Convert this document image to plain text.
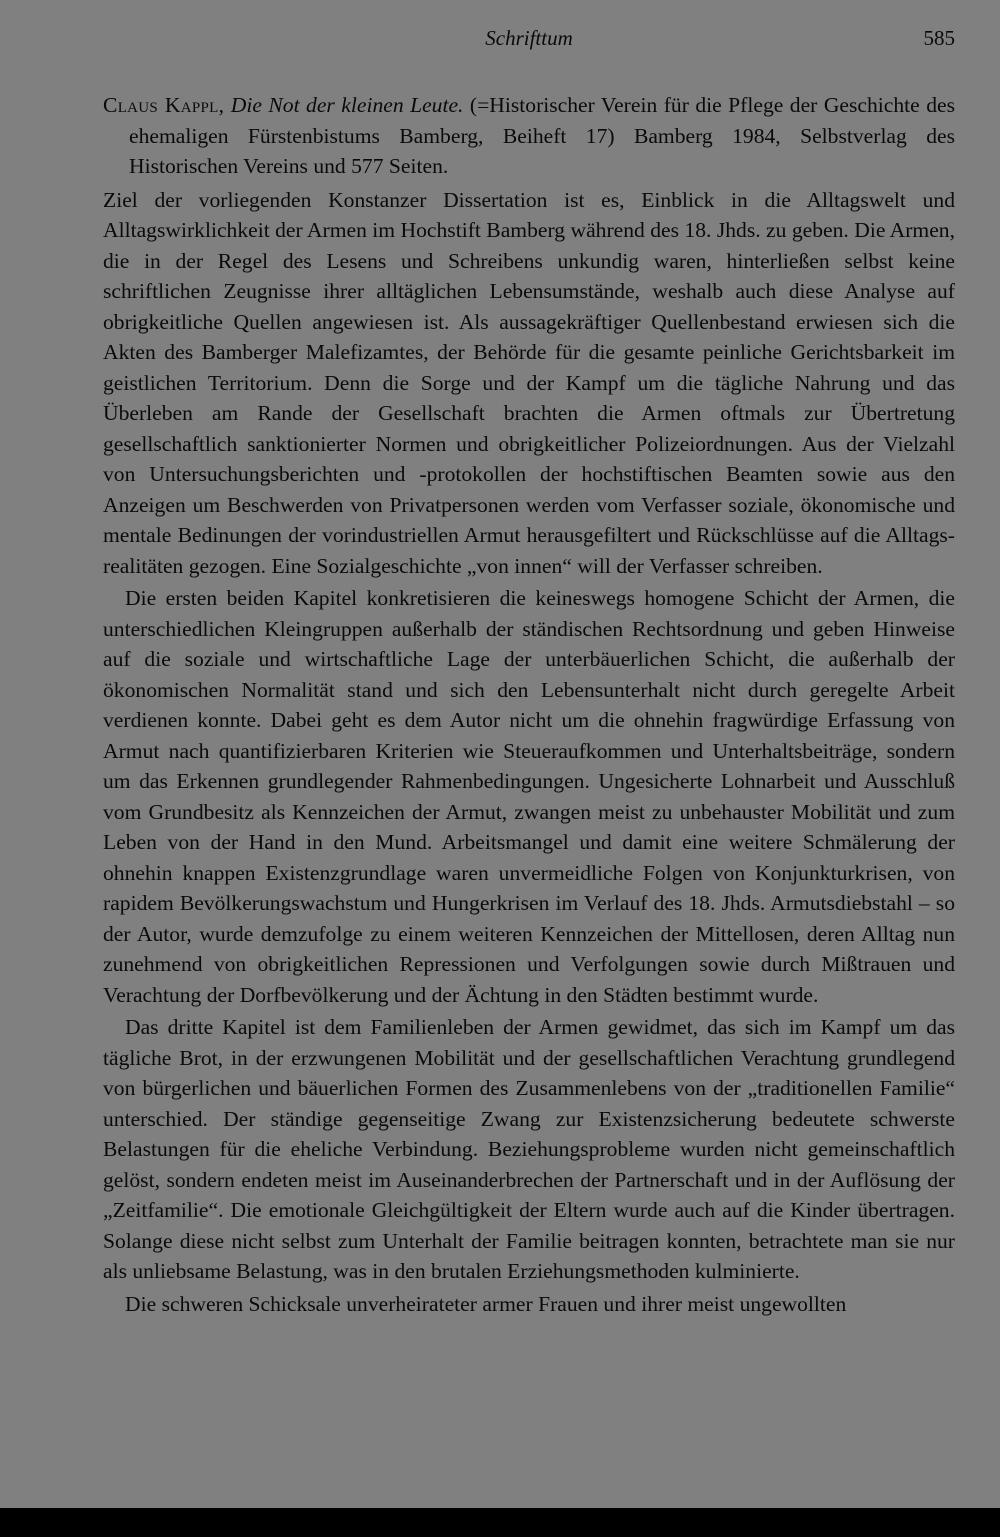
Schrifttum	585

Claus Kappl, Die Not der kleinen Leute. (=Historischer Verein für die Pflege der Geschichte des ehemaligen Fürstenbistums Bamberg, Beiheft 17) Bamberg 1984, Selbstverlag des Historischen Vereins und 577 Seiten.

Ziel der vorliegenden Konstanzer Dissertation ist es, Einblick in die Alltagswelt und Alltagswirklichkeit der Armen im Hochstift Bamberg während des 18. Jhds. zu geben. Die Armen, die in der Regel des Lesens und Schreibens unkundig waren, hinterließen selbst keine schriftlichen Zeugnisse ihrer alltäglichen Lebensumstände, weshalb auch diese Analyse auf obrigkeitliche Quellen angewiesen ist. Als aussagekräftiger Quellenbestand erwiesen sich die Akten des Bamberger Malefizamtes, der Behörde für die gesamte peinliche Gerichtsbarkeit im geistlichen Territorium. Denn die Sorge und der Kampf um die tägliche Nahrung und das Überleben am Rande der Gesellschaft brachten die Armen oftmals zur Übertretung gesellschaftlich sanktionierter Normen und obrigkeitlicher Polizeiordnungen. Aus der Vielzahl von Untersuchungsberichten und -protokollen der hochstiftischen Beamten sowie aus den Anzeigen um Beschwerden von Privatpersonen werden vom Verfasser soziale, ökonomische und mentale Bedinungen der vorindustriellen Armut herausgefiltert und Rückschlüsse auf die Alltagsrealitäten gezogen. Eine Sozialgeschichte „von innen“ will der Verfasser schreiben.

Die ersten beiden Kapitel konkretisieren die keineswegs homogene Schicht der Armen, die unterschiedlichen Kleingruppen außerhalb der ständischen Rechtsordnung und geben Hinweise auf die soziale und wirtschaftliche Lage der unterbäuerlichen Schicht, die außerhalb der ökonomischen Normalität stand und sich den Lebensunterhalt nicht durch geregelte Arbeit verdienen konnte. Dabei geht es dem Autor nicht um die ohnehin fragwürdige Erfassung von Armut nach quantifizierbaren Kriterien wie Steueraufkommen und Unterhaltsbeiträge, sondern um das Erkennen grundlegender Rahmenbedingungen. Ungesicherte Lohnarbeit und Ausschluß vom Grundbesitz als Kennzeichen der Armut, zwangen meist zu unbehauster Mobilität und zum Leben von der Hand in den Mund. Arbeitsmangel und damit eine weitere Schmälerung der ohnehin knappen Existenzgrundlage waren unvermeidliche Folgen von Konjunkturkrisen, von rapidem Bevölkerungswachstum und Hungerkrisen im Verlauf des 18. Jhds. Armutsdiebstahl – so der Autor, wurde demzufolge zu einem weiteren Kennzeichen der Mittellosen, deren Alltag nun zunehmend von obrigkeitlichen Repressionen und Verfolgungen sowie durch Mißtrauen und Verachtung der Dorfbevölkerung und der Ächtung in den Städten bestimmt wurde.

Das dritte Kapitel ist dem Familienleben der Armen gewidmet, das sich im Kampf um das tägliche Brot, in der erzwungenen Mobilität und der gesellschaftlichen Verachtung grundlegend von bürgerlichen und bäuerlichen Formen des Zusammenlebens von der „traditionellen Familie“ unterschied. Der ständige gegenseitige Zwang zur Existenzsicherung bedeutete schwerste Belastungen für die eheliche Verbindung. Beziehungsprobleme wurden nicht gemeinschaftlich gelöst, sondern endeten meist im Auseinanderbrechen der Partnerschaft und in der Auflösung der „Zeitfamilie“. Die emotionale Gleichgültigkeit der Eltern wurde auch auf die Kinder übertragen. Solange diese nicht selbst zum Unterhalt der Familie beitragen konnten, betrachtete man sie nur als unliebsame Belastung, was in den brutalen Erziehungsmethoden kulminierte.

Die schweren Schicksale unverheirateter armer Frauen und ihrer meist ungewollten
